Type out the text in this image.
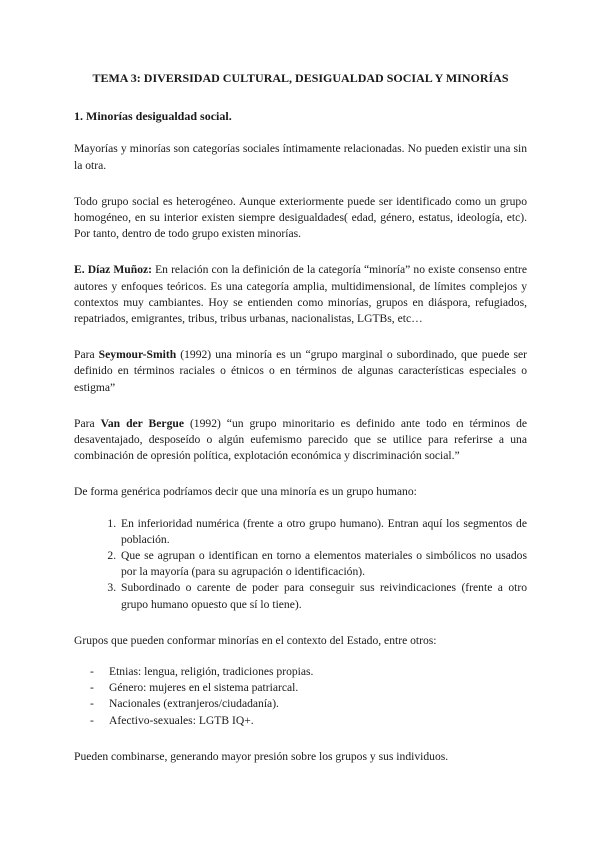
TEMA 3: DIVERSIDAD CULTURAL, DESIGUALDAD SOCIAL Y MINORÍAS
1. Minorías desigualdad social.

Mayorías y minorías son categorías sociales íntimamente relacionadas. No pueden existir una sin la otra.

Todo grupo social es heterogéneo. Aunque exteriormente puede ser identificado como un grupo homogéneo, en su interior existen siempre desigualdades( edad, género, estatus, ideología, etc). Por tanto, dentro de todo grupo existen minorías.

E. Díaz Muñoz: En relación con la definición de la categoría “minoría” no existe consenso entre autores y enfoques teóricos. Es una categoría amplia, multidimensional, de límites complejos y contextos muy cambiantes. Hoy se entienden como minorías, grupos en diáspora, refugiados, repatriados, emigrantes, tribus, tribus urbanas, nacionalistas, LGTBs, etc…

Para Seymour-Smith (1992) una minoría es un “grupo marginal o subordinado, que puede ser definido en términos raciales o étnicos o en términos de algunas características especiales o estigma”

Para Van der Bergue (1992) “un grupo minoritario es definido ante todo en términos de desaventajado, desposeído o algún eufemismo parecido que se utilice para referirse a una combinación de opresión política, explotación económica y discriminación social.”

De forma genérica podríamos decir que una minoría es un grupo humano:

1. En inferioridad numérica (frente a otro grupo humano). Entran aquí los segmentos de población.
2. Que se agrupan o identifican en torno a elementos materiales o simbólicos no usados por la mayoría (para su agrupación o identificación).
3. Subordinado o carente de poder para conseguir sus reivindicaciones (frente a otro grupo humano opuesto que sí lo tiene).

Grupos que pueden conformar minorías en el contexto del Estado, entre otros:

- Etnias: lengua, religión, tradiciones propias.
- Género: mujeres en el sistema patriarcal.
- Nacionales (extranjeros/ciudadanía).
- Afectivo-sexuales: LGTB IQ+.

Pueden combinarse, generando mayor presión sobre los grupos y sus individuos.
